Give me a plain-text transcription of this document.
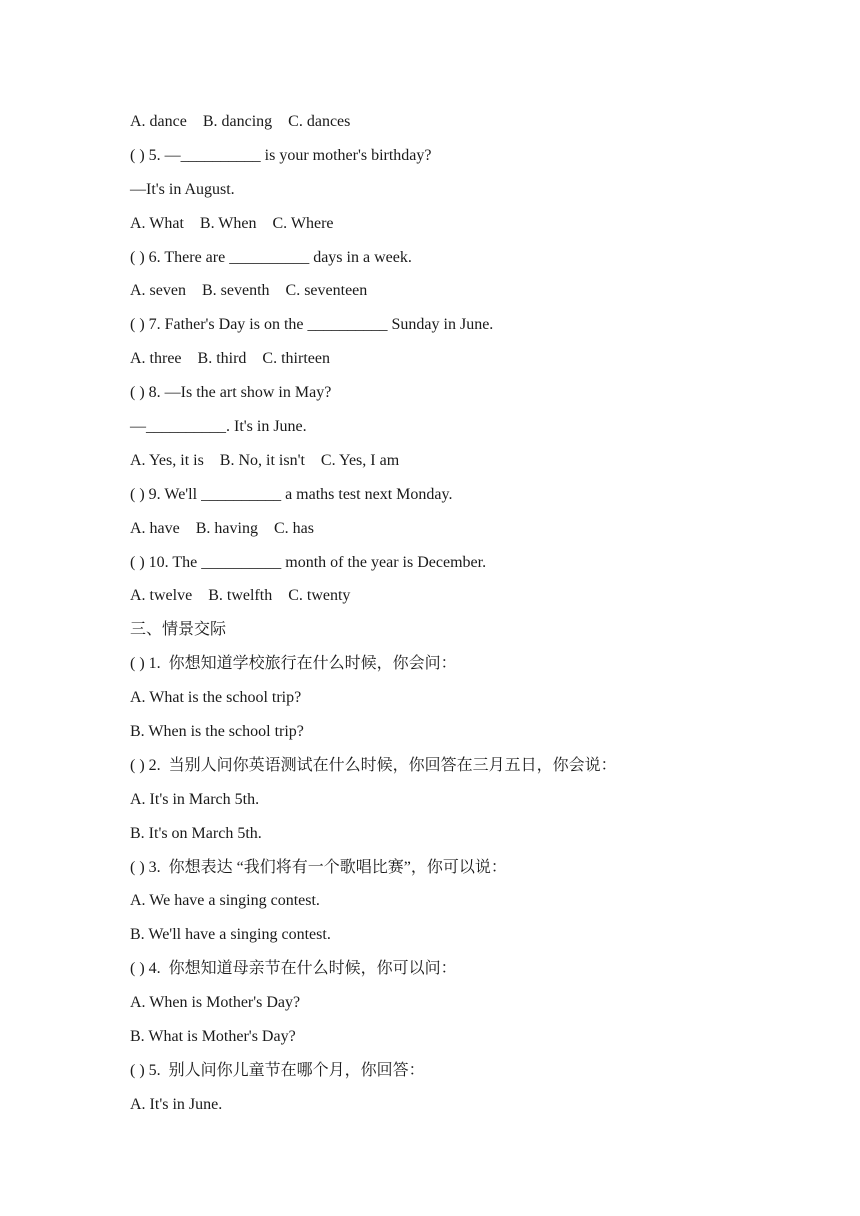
A. dance    B. dancing    C. dances
( ) 5. —__________ is your mother's birthday?
—It's in August.
A. What    B. When    C. Where
( ) 6. There are __________ days in a week.
A. seven    B. seventh    C. seventeen
( ) 7. Father's Day is on the __________ Sunday in June.
A. three    B. third    C. thirteen
( ) 8. —Is the art show in May?
—__________. It's in June.
A. Yes, it is    B. No, it isn't    C. Yes, I am
( ) 9. We'll __________ a maths test next Monday.
A. have    B. having    C. has
( ) 10. The __________ month of the year is December.
A. twelve    B. twelfth    C. twenty
三、情景交际
( ) 1.  你想知道学校旅行在什么时候，你会问：
A. What is the school trip?
B. When is the school trip?
( ) 2.  当别人问你英语测试在什么时候，你回答在三月五日，你会说：
A. It's in March 5th.
B. It's on March 5th.
( ) 3.  你想表达 “我们将有一个歌唱比赛”，你可以说：
A. We have a singing contest.
B. We'll have a singing contest.
( ) 4.  你想知道母亲节在什么时候，你可以问：
A. When is Mother's Day?
B. What is Mother's Day?
( ) 5.  别人问你儿童节在哪个月，你回答：
A. It's in June.
